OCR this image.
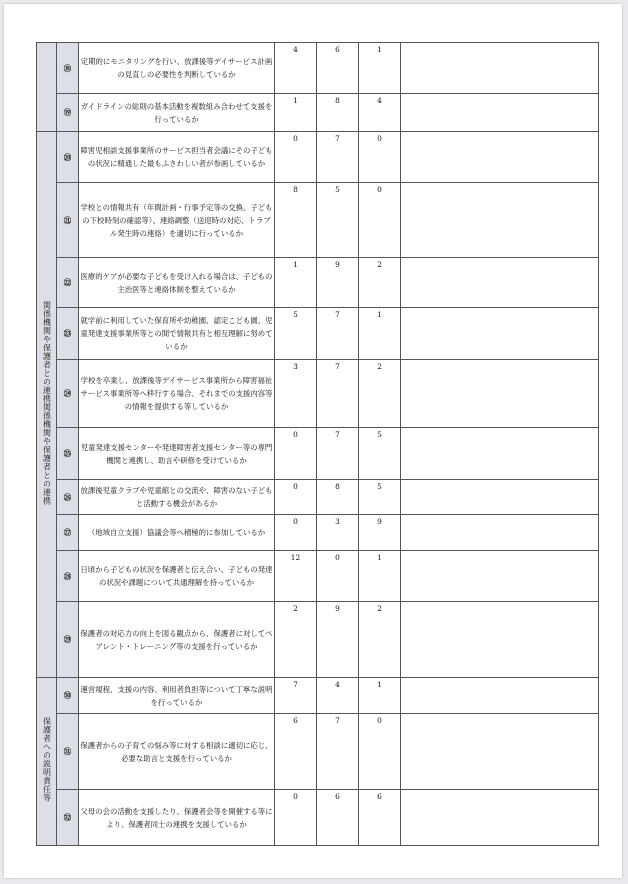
	⑱	定期的にモニタリングを行い、放課後等デイサービス計画の見直しの必要性を判断しているか	4	6	1	
	⑲	ガイドラインの総則の基本活動を複数組み合わせて支援を行っているか	1	8	4	
関係機関や保護者との連携関係機関や保護者との連携	⑳	障害児相談支援事業所のサービス担当者会議にその子どもの状況に精通した最もふさわしい者が参画しているか	0	7	0	
	㉑	学校との情報共有（年間計画・行事予定等の交換、子どもの下校時刻の確認等）、連絡調整（送迎時の対応、トラブル発生時の連絡）を適切に行っているか	8	5	0	
	㉒	医療的ケアが必要な子どもを受け入れる場合は、子どもの主治医等と連絡体制を整えているか	1	9	2	
	㉓	就学前に利用していた保育所や幼稚園、認定こども園、児童発達支援事業所等との間で情報共有と相互理解に努めているか	5	7	1	
	㉔	学校を卒業し、放課後等デイサービス事業所から障害福祉サービス事業所等へ移行する場合、それまでの支援内容等の情報を提供する等しているか	3	7	2	
	㉕	児童発達支援センターや発達障害者支援センター等の専門機関と連携し、助言や研修を受けているか	0	7	5	
	㉖	放課後児童クラブや児童館との交流や、障害のない子どもと活動する機会があるか	0	8	5	
	㉗	（地域自立支援）協議会等へ積極的に参加しているか	0	3	9	
	㉘	日頃から子どもの状況を保護者と伝え合い、子どもの発達の状況や課題について共通理解を持っているか	12	0	1	
	㉙	保護者の対応力の向上を図る観点から、保護者に対してペアレント・トレーニング等の支援を行っているか	2	9	2	
保護者への説明責任等	㉚	運営規程、支援の内容、利用者負担等について丁寧な説明を行っているか	7	4	1	
	㉛	保護者からの子育ての悩み等に対する相談に適切に応じ、必要な助言と支援を行っているか	6	7	0	
	㉜	父母の会の活動を支援したり、保護者会等を開催する等により、保護者同士の連携を支援しているか	0	6	6	
